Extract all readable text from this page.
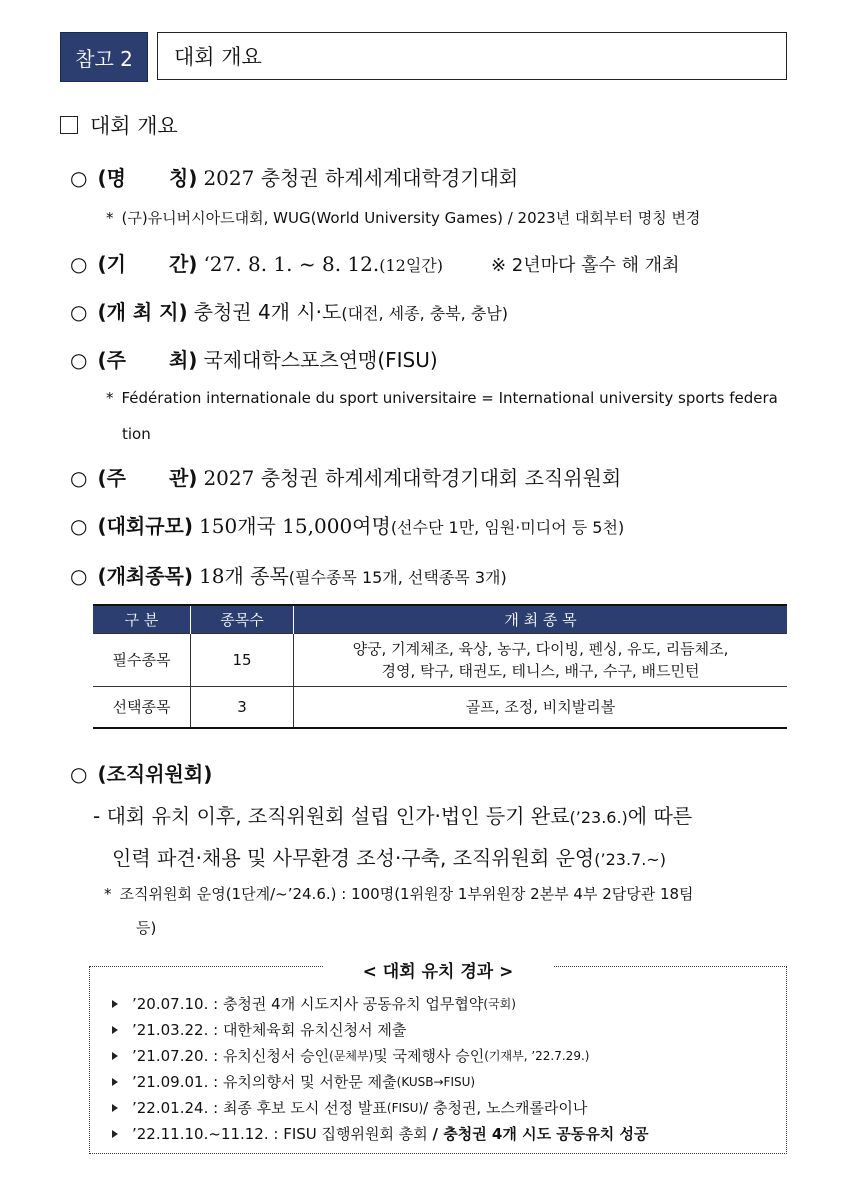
참고 2	대회 개요
대회 개요
○ (명 칭) 2027 충청권 하계세계대학경기대회
* (구)유니버시아드대회, WUG(World University Games) / 2023년 대회부터 명칭 변경
○ (기 간) ‘27. 8. 1. ~ 8. 12. (12일간)	※ 2년마다 홀수 해 개최
○ (개 최 지) 충청권 4개 시·도 (대전, 세종, 충북, 충남)
○ (주 최) 국제대학스포츠연맹(FISU)
* Fédération internationale du sport universitaire = International university sports federa
tion
○ (주 관) 2027 충청권 하계세계대학경기대회 조직위원회
○ (대회규모) 150개국 15,000여명 (선수단 1만, 임원·미디어 등 5천)
○ (개최종목) 18개 종목 (필수종목 15개, 선택종목 3개)
구 분	종목수	개 최 종 목
필수종목	15	양궁, 기계체조, 육상, 농구, 다이빙, 펜싱, 유도, 리듬체조,
경영, 탁구, 태권도, 테니스, 배구, 수구, 배드민턴

선택종목	3	골프, 조정, 비치발리볼
○ (조직위원회)
- 대회 유치 이후, 조직위원회 설립 인가·법인 등기 완료(’23.6.)에 따른
인력 파견·채용 및 사무환경 조성·구축, 조직위원회 운영(’23.7.~)
* 조직위원회 운영(1단계/~’24.6.) : 100명(1위원장 1부위원장 2본부 4부 2담당관 18팀
등)
< 대회 유치 경과 >
’20.07.10. : 충청권 4개 시도지사 공동유치 업무협약 (국회)
’21.03.22. : 대한체육회 유치신청서 제출
’21.07.20. : 유치신청서 승인 (문체부) 및 국제행사 승인 (기재부, ’22.7.29.)
’21.09.01. : 유치의향서 및 서한문 제출 (KUSB→FISU)
’22.01.24. : 최종 후보 도시 선정 발표 (FISU) / 충청권, 노스캐롤라이나
’22.11.10.~11.12. : FISU 집행위원회 총회
/ 충청권 4개 시도 공동유치 성공
